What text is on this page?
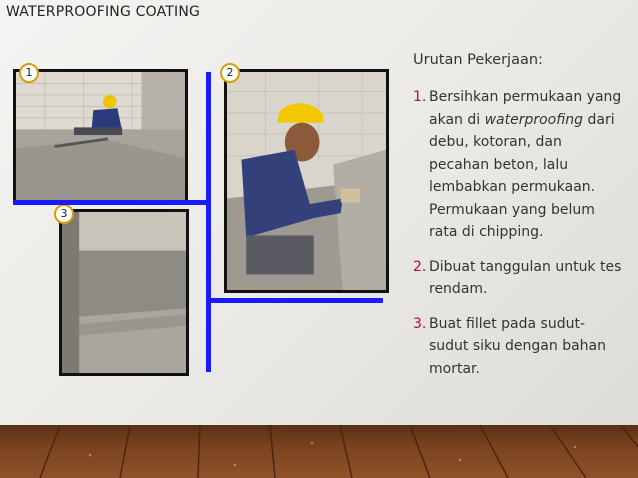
WATERPROOFING COATING
1	2
3
Urutan Pekerjaan:
1. Bersihkan permukaan yang akan di waterproofing dari debu, kotoran, dan pecahan beton, lalu lembabkan permukaan. Permukaan yang belum rata di chipping.
2. Dibuat tanggulan untuk tes rendam.
3. Buat fillet pada sudut-sudut siku dengan bahan mortar.
